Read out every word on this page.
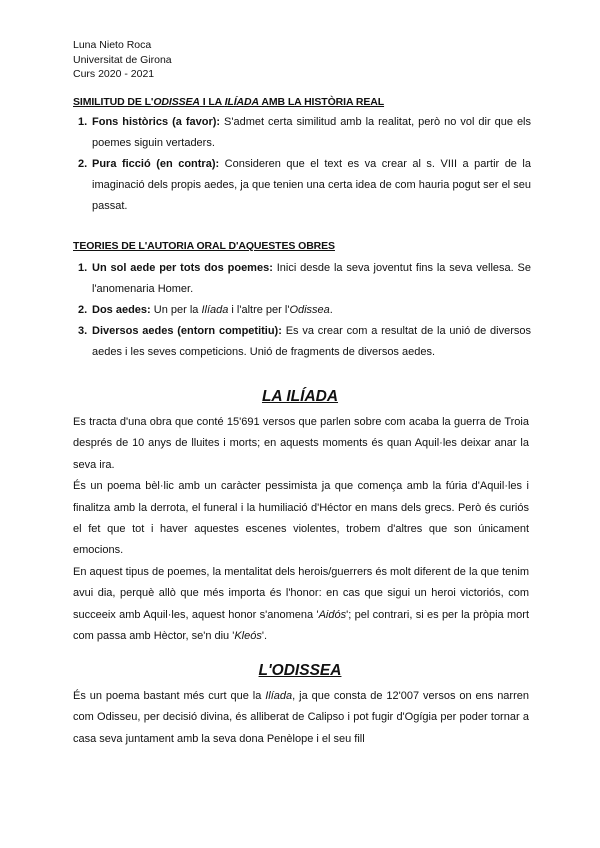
Luna Nieto Roca
Universitat de Girona
Curs 2020 - 2021
SIMILITUD DE L'ODISSEA I LA ILÍADA AMB LA HISTÒRIA REAL
1. Fons històrics (a favor): S'admet certa similitud amb la realitat, però no vol dir que els poemes siguin vertaders.
2. Pura ficció (en contra): Consideren que el text es va crear al s. VIII a partir de la imaginació dels propis aedes, ja que tenien una certa idea de com hauria pogut ser el seu passat.
TEORIES DE L'AUTORIA ORAL D'AQUESTES OBRES
1. Un sol aede per tots dos poemes: Inici desde la seva joventut fins la seva vellesa. Se l'anomenaria Homer.
2. Dos aedes: Un per la Ilíada i l'altre per l'Odissea.
3. Diversos aedes (entorn competitiu): Es va crear com a resultat de la unió de diversos aedes i les seves competicions. Unió de fragments de diversos aedes.
LA ILÍADA

Es tracta d'una obra que conté 15'691 versos que parlen sobre com acaba la guerra de Troia després de 10 anys de lluites i morts; en aquests moments és quan Aquil·les deixar anar la seva ira.

És un poema bèl·lic amb un caràcter pessimista ja que comença amb la fúria d'Aquil·les i finalitza amb la derrota, el funeral i la humiliació d'Héctor en mans dels grecs. Però és curiós el fet que tot i haver aquestes escenes violentes, trobem d'altres que son únicament emocions.

En aquest tipus de poemes, la mentalitat dels herois/guerrers és molt diferent de la que tenim avui dia, perquè allò que més importa és l'honor: en cas que sigui un heroi victoriós, com succeeix amb Aquil·les, aquest honor s'anomena 'Aidós'; pel contrari, si es per la pròpia mort com passa amb Hèctor, se'n diu 'Kleós'.

L'ODISSEA

És un poema bastant més curt que la Ilíada, ja que consta de 12'007 versos on ens narren com Odisseu, per decisió divina, és alliberat de Calipso i pot fugir d'Ogígia per poder tornar a casa seva juntament amb la seva dona Penèlope i el seu fill
